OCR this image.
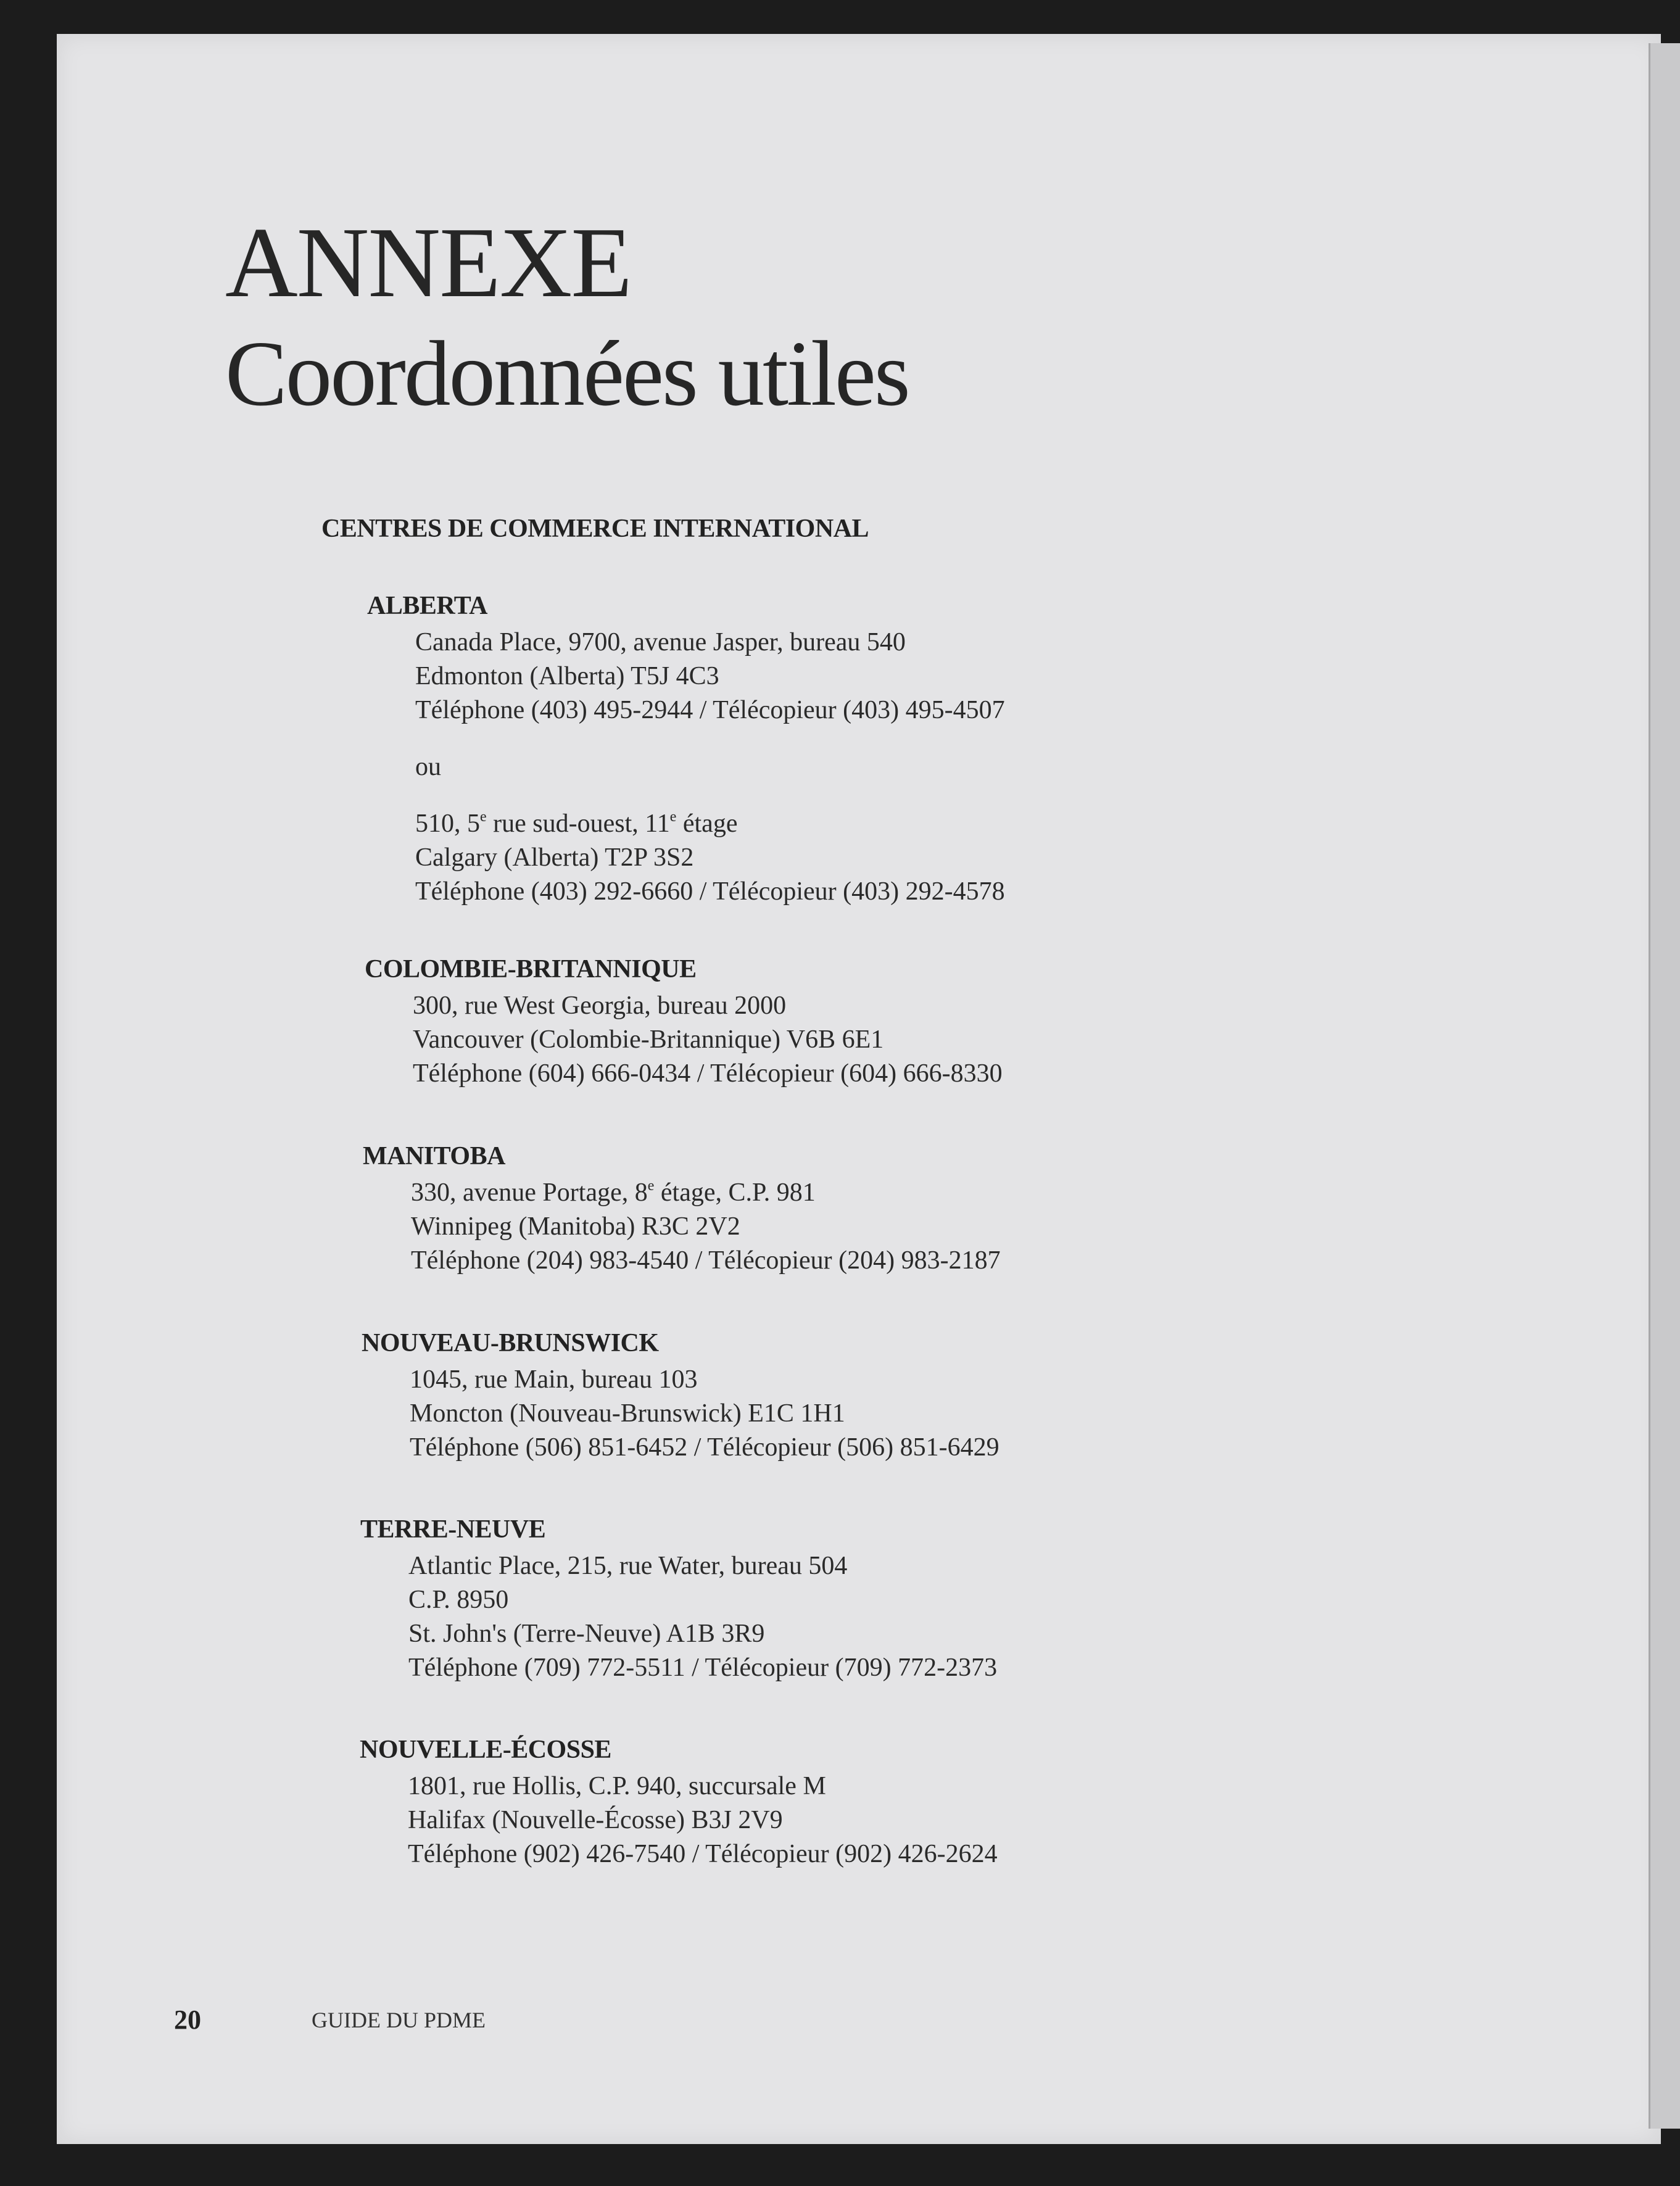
ANNEXE
Coordonnées utiles
CENTRES DE COMMERCE INTERNATIONAL
ALBERTA
Canada Place, 9700, avenue Jasper, bureau 540
Edmonton (Alberta) T5J 4C3
Téléphone (403) 495-2944 / Télécopieur (403) 495-4507
ou
510, 5e rue sud-ouest, 11e étage
Calgary (Alberta) T2P 3S2
Téléphone (403) 292-6660 / Télécopieur (403) 292-4578
COLOMBIE-BRITANNIQUE
300, rue West Georgia, bureau 2000
Vancouver (Colombie-Britannique) V6B 6E1
Téléphone (604) 666-0434 / Télécopieur (604) 666-8330
MANITOBA
330, avenue Portage, 8e étage, C.P. 981
Winnipeg (Manitoba) R3C 2V2
Téléphone (204) 983-4540 / Télécopieur (204) 983-2187
NOUVEAU-BRUNSWICK
1045, rue Main, bureau 103
Moncton (Nouveau-Brunswick) E1C 1H1
Téléphone (506) 851-6452 / Télécopieur (506) 851-6429
TERRE-NEUVE
Atlantic Place, 215, rue Water, bureau 504
C.P. 8950
St. John's (Terre-Neuve) A1B 3R9
Téléphone (709) 772-5511 / Télécopieur (709) 772-2373
NOUVELLE-ÉCOSSE
1801, rue Hollis, C.P. 940, succursale M
Halifax (Nouvelle-Écosse) B3J 2V9
Téléphone (902) 426-7540 / Télécopieur (902) 426-2624
20	GUIDE DU PDME
